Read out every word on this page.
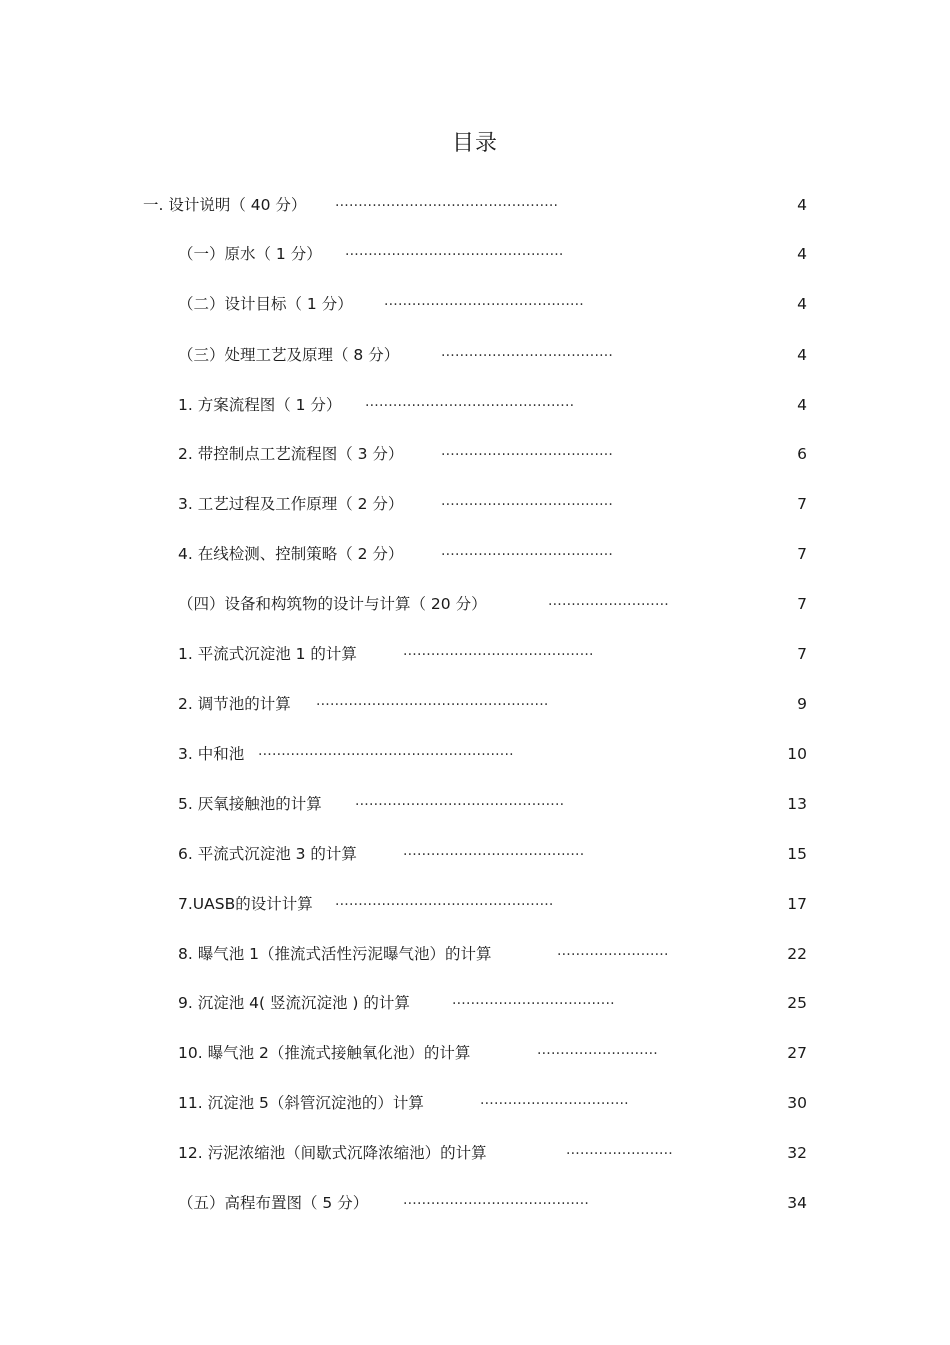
目录
一. 设计说明（ 40 分） ................................................	4
（一）原水（ 1 分） ...............................................	4
（二）设计目标（ 1 分） ...........................................	4
（三）处理工艺及原理（ 8 分）	.....................................	4
1. 方案流程图（ 1 分） .............................................	4
2. 带控制点工艺流程图（ 3 分）	.....................................	6
3. 工艺过程及工作原理（ 2 分）	.....................................	7
4. 在线检测、控制策略（ 2 分）	.....................................	7
（四）设备和构筑物的设计与计算（ 20 分）	..........................	7
1. 平流式沉淀池 1 的计算	.........................................	7
2. 调节池的计算 ..................................................	9
3. 中和池 .......................................................	10
5. 厌氧接触池的计算 .............................................	13
6. 平流式沉淀池 3 的计算	.......................................	15
7.UASB的设计计算 ...............................................	17
8. 曝气池 1（推流式活性污泥曝气池）的计算	........................	22
9. 沉淀池 4( 竖流沉淀池 ) 的计算	...................................	25
10. 曝气池 2（推流式接触氧化池）的计算	..........................	27
11. 沉淀池 5（斜管沉淀池的）计算	................................	30
12. 污泥浓缩池（间歇式沉降浓缩池）的计算	.......................	32
（五）高程布置图（ 5 分） ........................................	34
